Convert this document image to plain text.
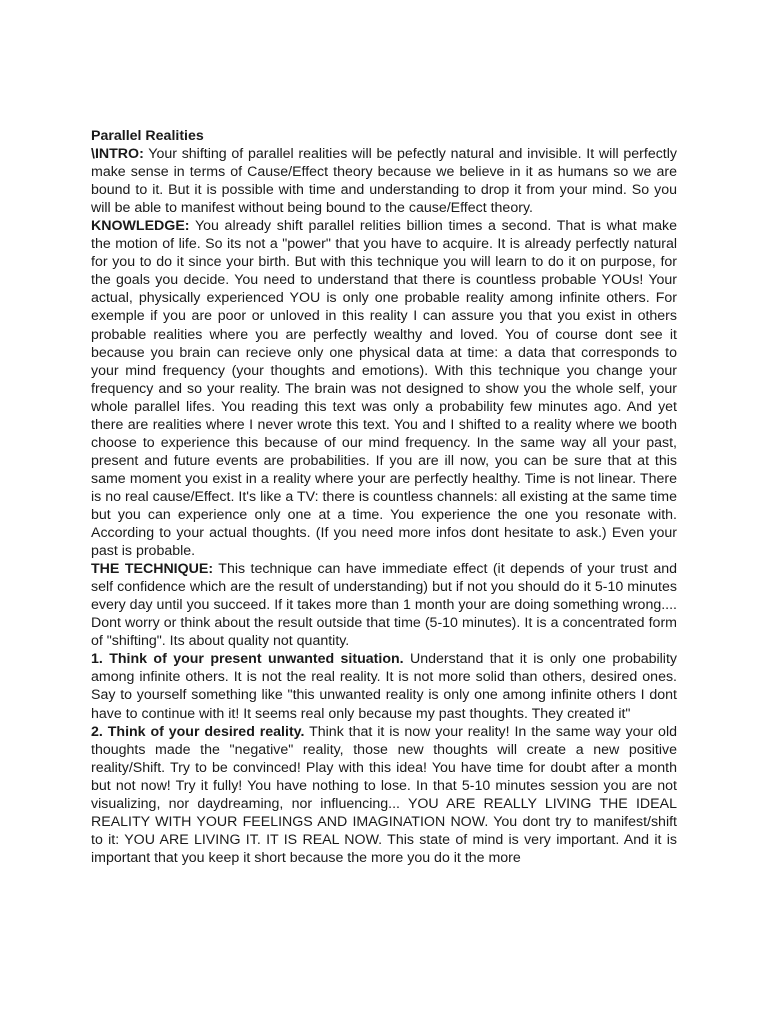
Parallel Realities

\INTRO: Your shifting of parallel realities will be pefectly natural and invisible. It will perfectly make sense in terms of Cause/Effect theory because we believe in it as humans so we are bound to it. But it is possible with time and understanding to drop it from your mind. So you will be able to manifest without being bound to the cause/Effect theory.

KNOWLEDGE: You already shift parallel relities billion times a second. That is what make the motion of life. So its not a "power" that you have to acquire. It is already perfectly natural for you to do it since your birth. But with this technique you will learn to do it on purpose, for the goals you decide. You need to understand that there is countless probable YOUs! Your actual, physically experienced YOU is only one probable reality among infinite others. For exemple if you are poor or unloved in this reality I can assure you that you exist in others probable realities where you are perfectly wealthy and loved. You of course dont see it because you brain can recieve only one physical data at time: a data that corresponds to your mind frequency (your thoughts and emotions). With this technique you change your frequency and so your reality. The brain was not designed to show you the whole self, your whole parallel lifes. You reading this text was only a probability few minutes ago. And yet there are realities where I never wrote this text. You and I shifted to a reality where we booth choose to experience this because of our mind frequency. In the same way all your past, present and future events are probabilities. If you are ill now, you can be sure that at this same moment you exist in a reality where your are perfectly healthy. Time is not linear. There is no real cause/Effect. It's like a TV: there is countless channels: all existing at the same time but you can experience only one at a time. You experience the one you resonate with. According to your actual thoughts. (If you need more infos dont hesitate to ask.) Even your past is probable.

THE TECHNIQUE: This technique can have immediate effect (it depends of your trust and self confidence which are the result of understanding) but if not you should do it 5-10 minutes every day until you succeed. If it takes more than 1 month your are doing something wrong.... Dont worry or think about the result outside that time (5-10 minutes). It is a concentrated form of "shifting". Its about quality not quantity.

1. Think of your present unwanted situation. Understand that it is only one probability among infinite others. It is not the real reality. It is not more solid than others, desired ones. Say to yourself something like "this unwanted reality is only one among infinite others I dont have to continue with it! It seems real only because my past thoughts. They created it"

2. Think of your desired reality. Think that it is now your reality! In the same way your old thoughts made the "negative" reality, those new thoughts will create a new positive reality/Shift. Try to be convinced! Play with this idea! You have time for doubt after a month but not now! Try it fully! You have nothing to lose. In that 5-10 minutes session you are not visualizing, nor daydreaming, nor influencing... YOU ARE REALLY LIVING THE IDEAL REALITY WITH YOUR FEELINGS AND IMAGINATION NOW. You dont try to manifest/shift to it: YOU ARE LIVING IT. IT IS REAL NOW. This state of mind is very important. And it is important that you keep it short because the more you do it the more
